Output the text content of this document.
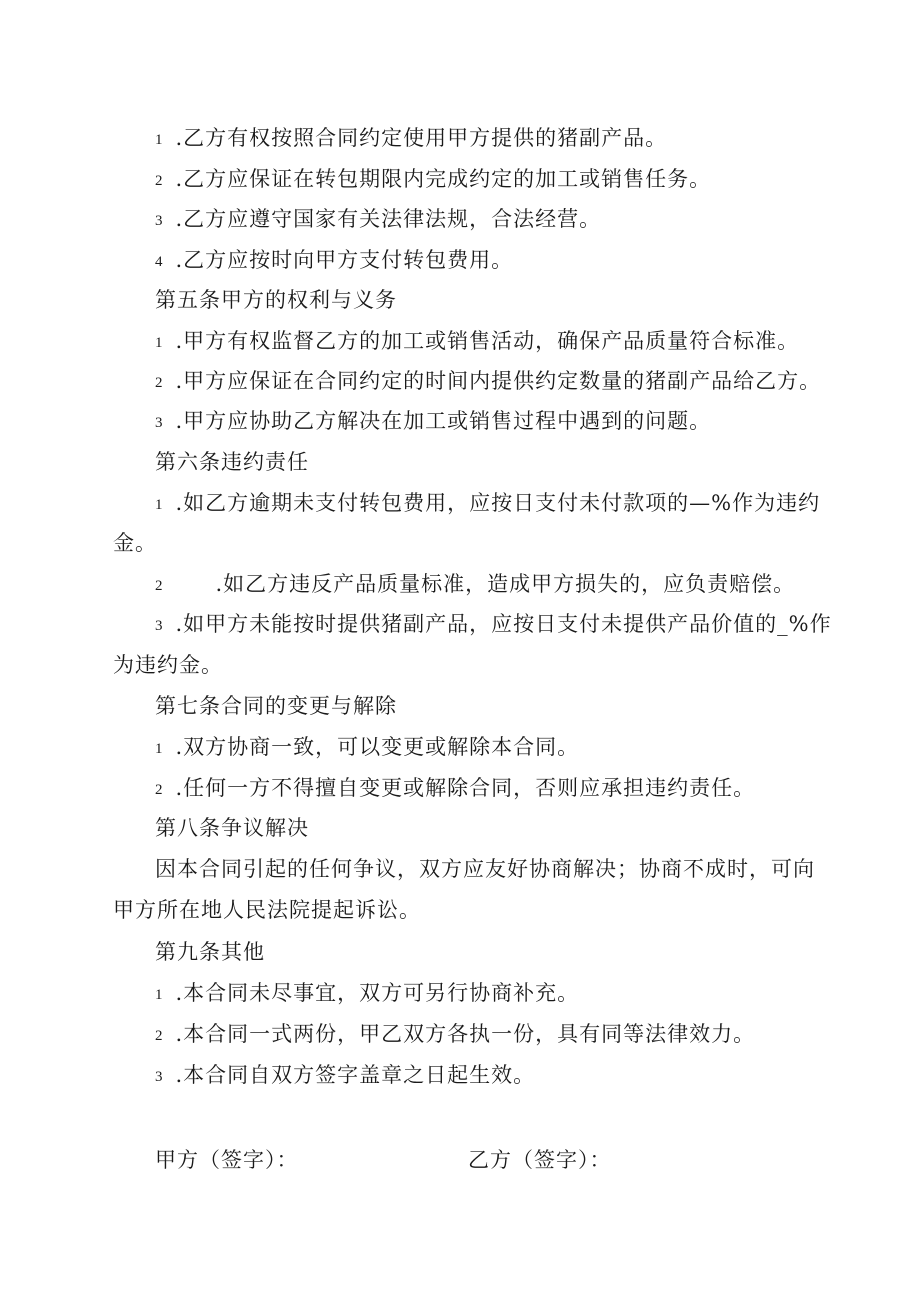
1 .乙方有权按照合同约定使用甲方提供的猪副产品。
2 .乙方应保证在转包期限内完成约定的加工或销售任务。
3 .乙方应遵守国家有关法律法规，合法经营。
4 .乙方应按时向甲方支付转包费用。
第五条甲方的权利与义务
1 .甲方有权监督乙方的加工或销售活动，确保产品质量符合标准。
2 .甲方应保证在合同约定的时间内提供约定数量的猪副产品给乙方。
3 .甲方应协助乙方解决在加工或销售过程中遇到的问题。
第六条违约责任
1 .如乙方逾期未支付转包费用，应按日支付未付款项的—%作为违约
金。
2 .如乙方违反产品质量标准，造成甲方损失的，应负责赔偿。
3 .如甲方未能按时提供猪副产品，应按日支付未提供产品价值的_%作
为违约金。
第七条合同的变更与解除
1 .双方协商一致，可以变更或解除本合同。
2 .任何一方不得擅自变更或解除合同，否则应承担违约责任。
第八条争议解决
因本合同引起的任何争议，双方应友好协商解决；协商不成时，可向
甲方所在地人民法院提起诉讼。
第九条其他
1 .本合同未尽事宜，双方可另行协商补充。
2 .本合同一式两份，甲乙双方各执一份，具有同等法律效力。
3 .本合同自双方签字盖章之日起生效。
甲方（签字）：	乙方（签字）：
